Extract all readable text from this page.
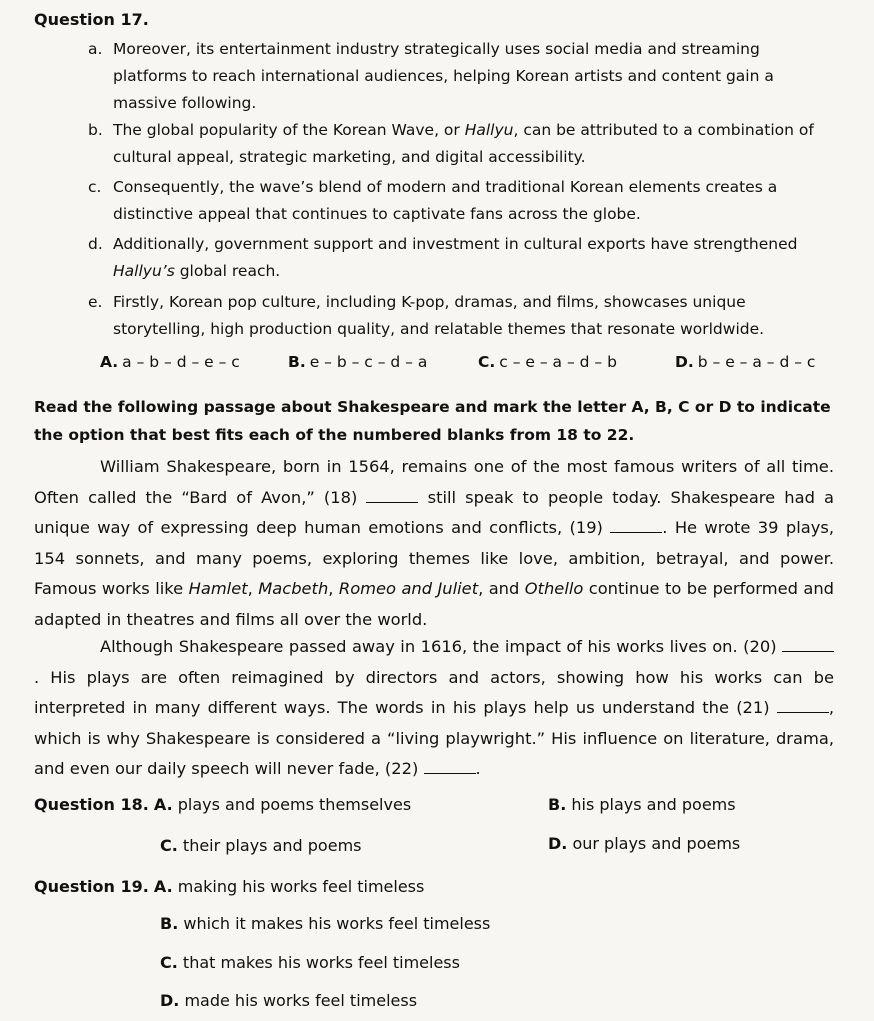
Question 17.
a. Moreover, its entertainment industry strategically uses social media and streaming platforms to reach international audiences, helping Korean artists and content gain a massive following.
b. The global popularity of the Korean Wave, or Hallyu, can be attributed to a combination of cultural appeal, strategic marketing, and digital accessibility.
c. Consequently, the wave’s blend of modern and traditional Korean elements creates a distinctive appeal that continues to captivate fans across the globe.
d. Additionally, government support and investment in cultural exports have strengthened Hallyu’s global reach.
e. Firstly, Korean pop culture, including K-pop, dramas, and films, showcases unique storytelling, high production quality, and relatable themes that resonate worldwide.
A. a – b – d – e – c	B. e – b – c – d – a	C. c – e – a – d – b	D. b – e – a – d – c
Read the following passage about Shakespeare and mark the letter A, B, C or D to indicate the option that best fits each of the numbered blanks from 18 to 22.
William Shakespeare, born in 1564, remains one of the most famous writers of all time. Often called the “Bard of Avon,” (18)	still speak to people today. Shakespeare had a unique way of expressing deep human emotions and conflicts, (19)	. He wrote 39 plays, 154 sonnets, and many poems, exploring themes like love, ambition, betrayal, and power. Famous works like Hamlet, Macbeth, Romeo and Juliet, and Othello continue to be performed and adapted in theatres and films all over the world.
Although Shakespeare passed away in 1616, the impact of his works lives on. (20) . His plays are often reimagined by directors and actors, showing how his works can be interpreted in many different ways. The words in his plays help us understand the (21)	, which is why Shakespeare is considered a “living playwright.” His influence on literature, drama, and even our daily speech will never fade, (22)	.
Question 18. A. plays and poems themselves	B. his plays and poems
C. their plays and poems	D. our plays and poems
Question 19. A. making his works feel timeless
B. which it makes his works feel timeless
C. that makes his works feel timeless
D. made his works feel timeless
